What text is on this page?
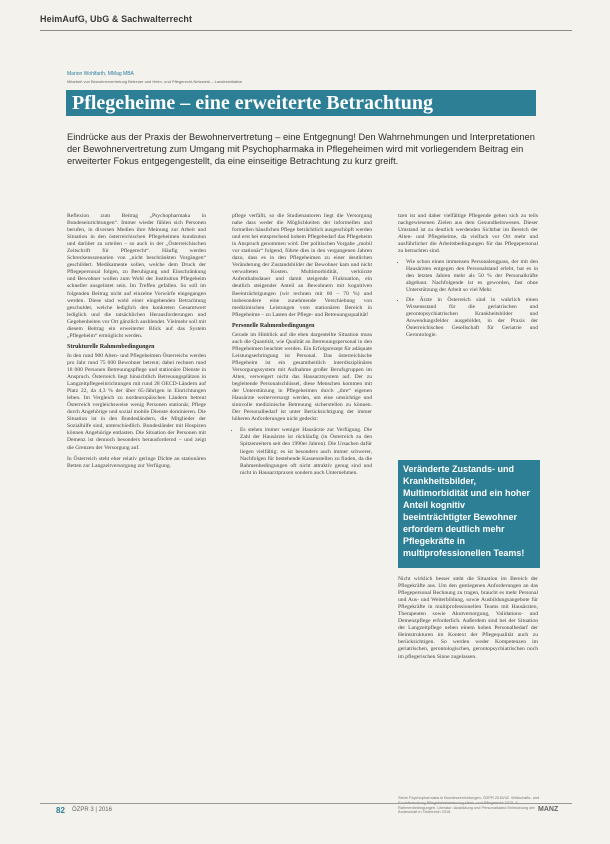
HeimAufG, UbG & Sachwalterrecht
Marion Wohlfarth, MMag MBA
Mitarbeit von Bewohnervertretung Betreuer und Heim- und Pflegerecht-Netzwerk – Landesinitiative
Pflegeheime – eine erweiterte Betrachtung
Eindrücke aus der Praxis der Bewohnervertretung – eine Entgegnung! Den Wahrnehmungen und Interpretationen der Bewohnervertretung zum Umgang mit Psychopharmaka in Pflegeheimen wird mit vorliegendem Beitrag ein erweiterter Fokus entgegengestellt, da eine einseitige Betrachtung zu kurz greift.

Reflexion zum Beitrag „Psychopharmaka in Bundeseinrichtungen“. Immer wieder fühlen sich Personen berufen, in diversen Medien ihre Meinung zur Arbeit und Situation in den österreichischen Pflegeheimen kundzutun und darüber zu urteilen – so auch in der „Österreichischen Zeitschrift für Pflegerecht“. Häufig werden Schreckensszenarien von „nicht beschränkten Vorgängen“ geschildert. Medikamente sollen, welche dem Druck der Pflegepersonal folgen, zu Beruhigung und Einschränkung und Bewohner wollen zum Wohl der Institution Pflegeheim schneller ausgelistet sein. Im Treffen gefallen. So soll im folgenden Beitrag nicht auf einzelne Vorwürfe eingegangen werden. Diese sind wohl einer eingehenden Betrachtung geschuldet, welche lediglich den konkreten Gesamtwert lediglich und die tatsächlichen Herausforderungen und Gegebenheiten vor Ort gänzlich ausblendet. Vielmehr soll mit diesem Beitrag ein erweiterter Blick auf das System „Pflegeheim“ ermöglicht werden.

Strukturelle Rahmenbedingungen

In den rund 900 Alten- und Pflegeheimen Österreichs werden pro Jahr rund 75 000 Bewohner betreut; dabei rechnen rund 18 000 Personen Betreuungspflege und stationäre Dienste in Anspruch. Österreich liegt hinsichtlich Betreuungsplätzen in Langzeitpflegeeinrichtungen mit rund 28 OECD-Ländern auf Platz 22, da 4,3 % der über 65-Jährigen in Einrichtungen leben. Im Vergleich zu nordeuropäischen Ländern betreut Österreich vergleichsweise wenig Personen stationär, Pflege durch Angehörige und sozial mobile Dienste dominieren. Die Situation ist in den Bundesländern, die Mitglieder der Sozialhilfe sind, unterschiedlich. Bundesländer mit Hospizen können Angehörige entlasten. Die Situation der Personen mit Demenz ist dennoch besonders herausfordernd – und zeigt die Grenzen der Versorgung auf.

In Österreich steht eher relativ geringe Dichte an stationären Betten zur Langzeitversorgung zur Verfügung.

pflege verfällt, so die Studienautoren liegt die Versorgung nahe dass weder die Möglichkeiten der informellen und formellen häuslichen Pflege beträchtlich ausgeschöpft werden und erst bei entsprechend hohem Pflegebedarf das Pflegeheim in Anspruch genommen wird. Der politischen Vorgabe „mobil vor stationär“ folgend, führte dies in den vergangenen Jahren dazu, dass es in den Pflegeheimen zu einer deutlichen Veränderung der Zustandsbilder der Bewohner kam und nicht verwalteten Kosten. Multimorbidität, verkürzte Aufenthaltsdauer und damit steigende Fluktuation, ein deutlich steigender Anteil an Bewohnern mit kognitiven Beeinträchtigungen (wir rechnen mit 60 – 70 %) und insbesondere eine zunehmende Verschiebung von medizinischen Leistungen vom stationären Bereich in Pflegeheime – zu Lasten der Pflege- und Betreuungsqualität!

Personelle Rahmenbedingungen

Gerade im Hinblick auf die eben dargestellte Situation muss auch die Quantität, wie Qualität an Betreuungspersonal in den Pflegeheimen beachtet werden. Ein Erfolgsrezept für adäquate Leistungserbringung ist Personal. Das österreichische Pflegeheim ist ein gesamtheitlich interdisziplinäres Versorgungssystem mit Aufnahme großer Berufsgruppen im Alten, verweigert nicht das Hausarztsystem auf. Der zu begleitende Personalschlüssel, diese Menschen kommen mit der Unterstützung in Pflegeheimen durch „ihre“ eigenen Hausärzte weiterversorgt werden, um eine umsichtige und sinnvolle medizinische Betreuung sicherstellen zu können. Der Personalbedarf ist unter Berücksichtigung der immer höheren Anforderungen nicht gedeckt:

• Es stehen immer weniger Hausärzte zur Verfügung. Die Zahl der Hausärzte ist rückläufig (in Österreich zu den Spitzenreitern seit den 1990er Jahren). Die Ursachen dafür liegen vielfältig: es ist besonders auch immer schwerer, Nachfolgen für bestehende Kassenstellen zu finden, da die Rahmenbedingungen oft nicht attraktiv genug sind und nicht in Hausarztpraxen sondern auch Unternehmen.

tzen ist und daher vielfältige Pflegende gehen sich zu teils nachgewiesenen Zielen aus dem Gesundheitswesen. Dieser Umstand ist zu deutlich werdenden Sichtbar im Bereich der Alten- und Pflegeheime, da vielfach vor Ort mehr und ausführlicher die Arbeitsbedingungen für das Pflegepersonal zu betrachten sind.

• Wie schon einen immensen Personalengpass, der mit den Hausärzten entgegen den Personalstand erlebt, hat es in den letzten Jahren mehr als 50 % der Personalkräfte abgebaut. Nachfolgende ist es geworden, fast ohne Unterstützung der Arbeit so viel Mehr.
• Die Ärzte in Österreich sind in wahrlich einen Wissensstand für die geriatrischen und gerontopsychiatrischen Krankheitsbilder und Anwendungsfelder ausgebildet, in der Praxis der Österreichischen Gesellschaft für Geriatrie und Gerontologie.
Veränderte Zustands- und Krankheitsbilder, Multimorbidität und ein hoher Anteil kognitiv beeinträchtigter Bewohner erfordern deutlich mehr Pflegekräfte in multiprofessionellen Teams!

Nicht wirklich besser steht die Situation im Bereich der Pflegekräfte aus. Um den gestiegenen Anforderungen an das Pflegepersonal Rechnung zu tragen, braucht es mehr Personal und Aus- und Weiterbildung, sowie Ausbildungsangebote für Pflegekräfte in multiprofessionellen Teams mit Hausärzten, Therapeuten sowie Akutversorgung, Validations- und Demenzpflege erforderlich. Außerdem sind bei der Situation der Langzeitpflege neben einem hohen Personalbedarf der Heimstrukturen im Kontext der Pflegequalität auch zu berücksichtigen. So werden weder Kompetenzen im geriatrischen, gerontologischen, gerontopsychiatrischen noch im pflegerischen Sinne zugelassen.

Siehe Psychopharmaka in Bundeseinrichtungen. ÖZPR 2016/42. Wirtschafts- und Rahmenbedingungen. Literatur: Ausbildung und Personalstand Entwicklung der Ärzteschaft in Österreich 2016.
82 ÖZPR 3 | 2016	MANZ
